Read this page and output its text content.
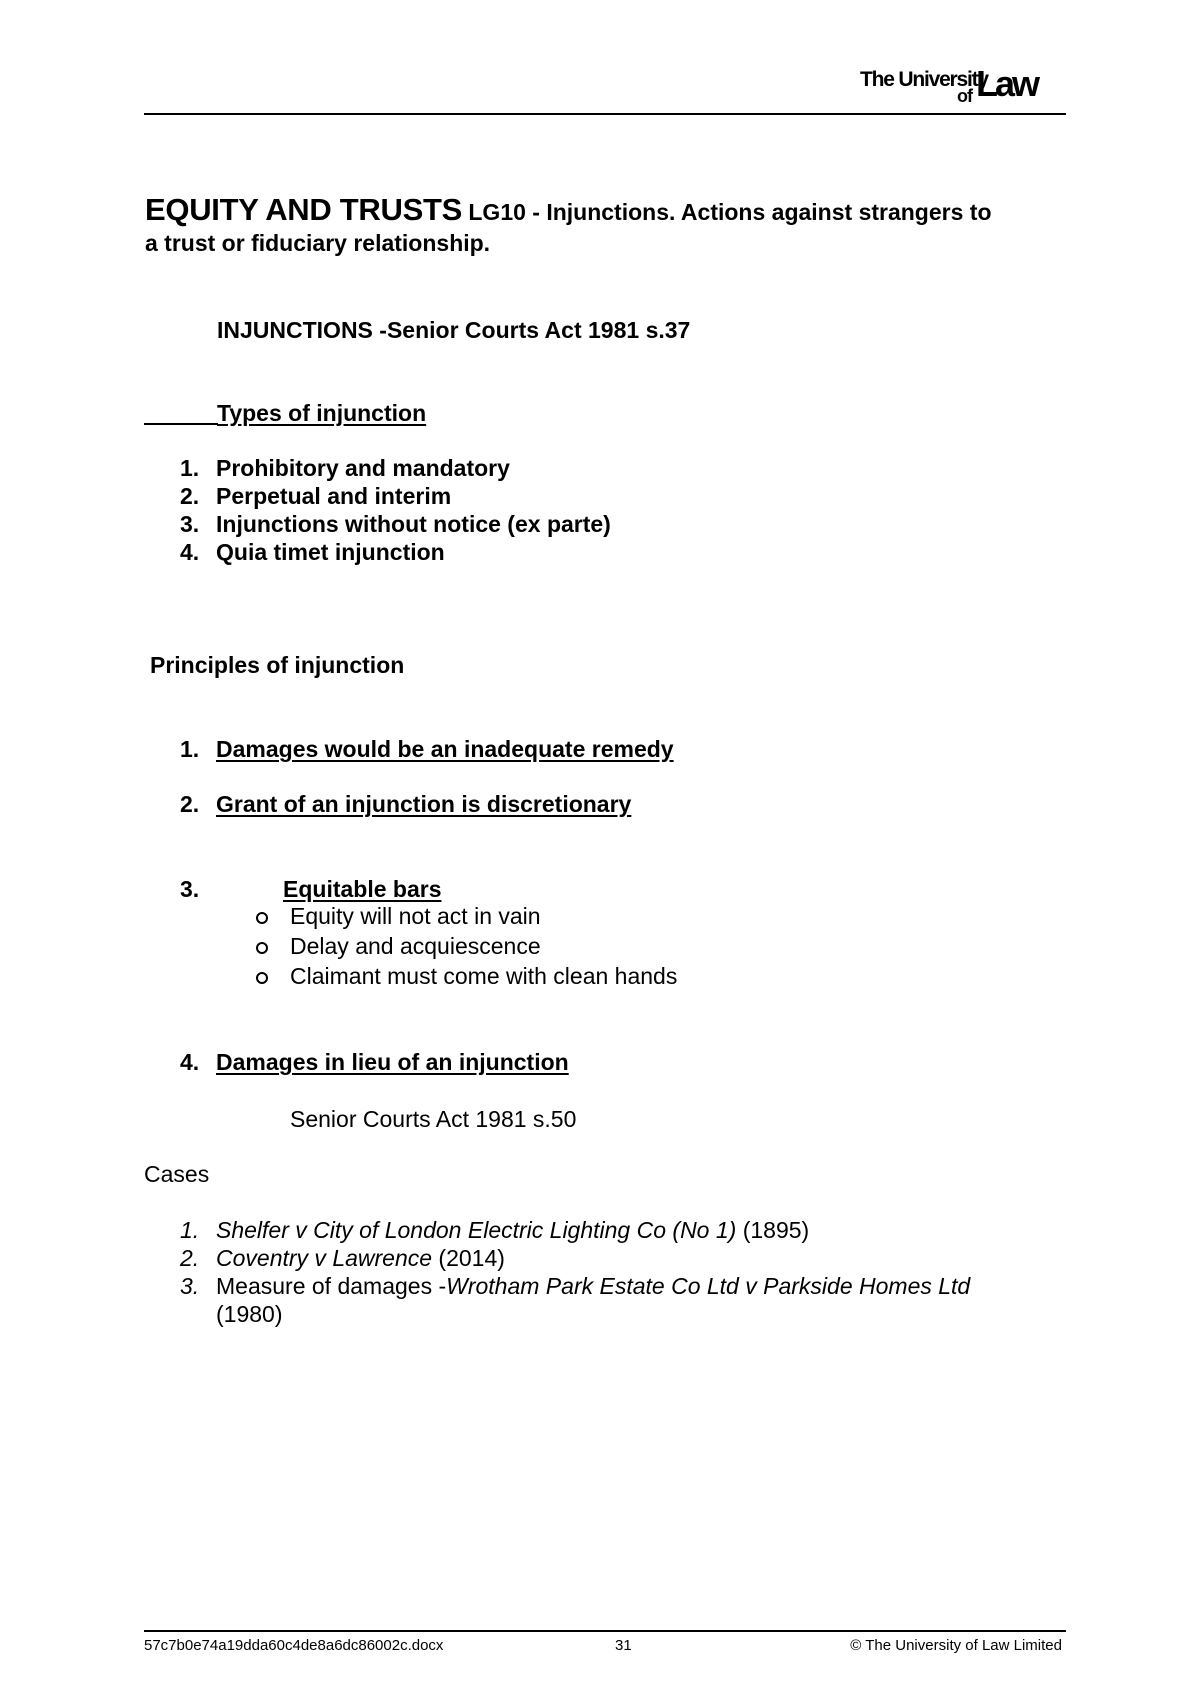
The University
of Law
EQUITY AND TRUSTS LG10 - Injunctions. Actions against strangers to
a trust or fiduciary relationship.
INJUNCTIONS -Senior Courts Act 1981 s.37
Types of injunction
1. Prohibitory and mandatory
2. Perpetual and interim
3. Injunctions without notice (ex parte)
4. Quia timet injunction
Principles of injunction
1. Damages would be an inadequate remedy
2. Grant of an injunction is discretionary
3.	Equitable bars
Equity will not act in vain
Delay and acquiescence
Claimant must come with clean hands
4. Damages in lieu of an injunction
Senior Courts Act 1981 s.50
Cases
1. Shelfer v City of London Electric Lighting Co (No 1) (1895)
2. Coventry v Lawrence (2014)
3. Measure of damages -Wrotham Park Estate Co Ltd v Parkside Homes Ltd
(1980)
57c7b0e74a19dda60c4de8a6dc86002c.docx	31	© The University of Law Limited
